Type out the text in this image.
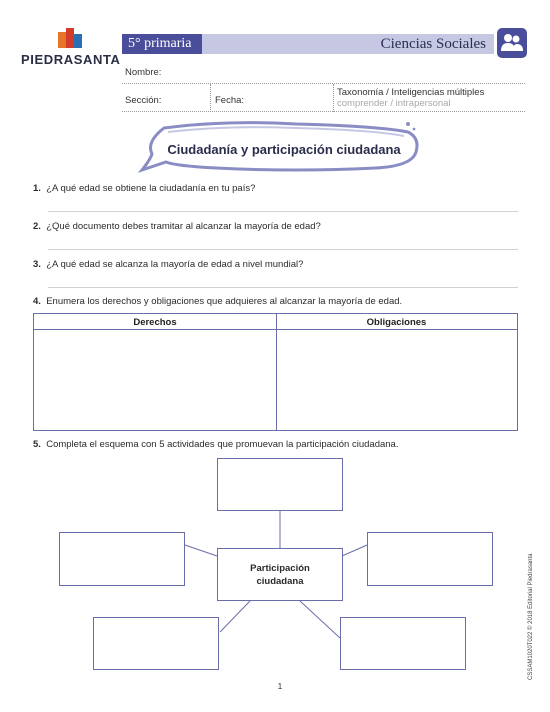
PIEDRASANTA
5° primaria	Ciencias Sociales
Nombre:
Sección:	Fecha:
Taxonomía / Inteligencias múltiples
comprender / intrapersonal
Ciudadanía y participación ciudadana
1. ¿A qué edad se obtiene la ciudadanía en tu país?
2. ¿Qué documento debes tramitar al alcanzar la mayoría de edad?
3. ¿A qué edad se alcanza la mayoría de edad a nivel mundial?
4. Enumera los derechos y obligaciones que adquieres al alcanzar la mayoría de edad.
Derechos	Obligaciones
5. Completa el esquema con 5 actividades que promuevan la participación ciudadana.
Participación
ciudadana
1
CSSAM1020T022 © 2018 Editorial Piedrasanta
